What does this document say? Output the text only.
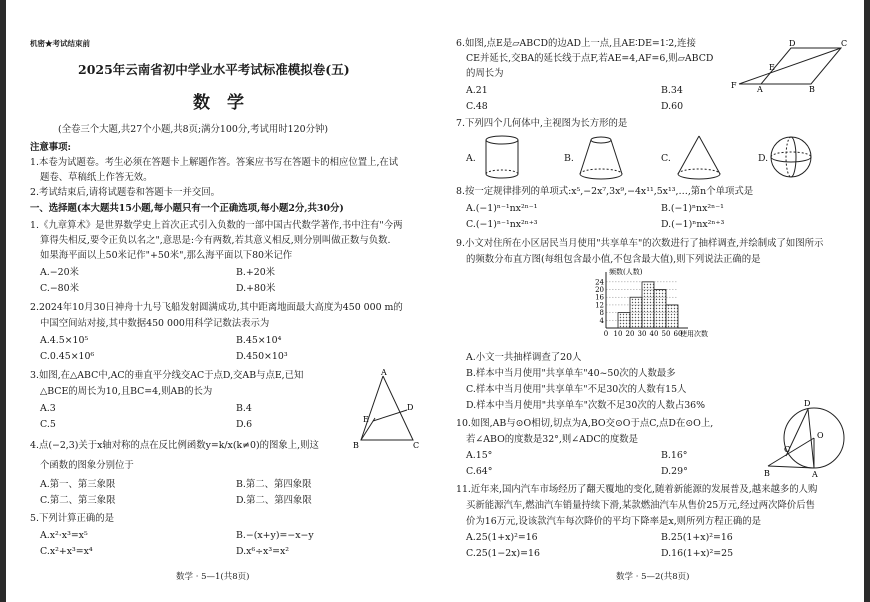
机密★考试结束前
2025年云南省初中学业水平考试标准模拟卷(五)
数　学
(全卷三个大题,共27个小题,共8页;满分100分,考试用时120分钟)
注意事项:
1.本卷为试题卷。考生必须在答题卡上解题作答。答案应书写在答题卡的相应位置上,在试
题卷、草稿纸上作答无效。
2.考试结束后,请将试题卷和答题卡一并交回。
一、选择题(本大题共15小题,每小题只有一个正确选项,每小题2分,共30分)
1.《九章算术》是世界数学史上首次正式引入负数的一部中国古代数学著作,书中注有"今两
算得失相反,要令正负以名之",意思是:今有两数,若其意义相反,则分别叫做正数与负数.
如果海平面以上50米记作"+50米",那么海平面以下80米记作
A.−20米	B.+20米
C.−80米	D.+80米
2.2024年10月30日神舟十九号飞船发射圆满成功,其中距离地面最大高度为450 000 m的
中国空间站对接,其中数据450 000用科学记数法表示为
A.4.5×10⁵	B.45×10⁴
C.0.45×10⁶	D.450×10³
3.如图,在△ABC中,AC的垂直平分线交AC于点D,交AB与点E,已知
△BCE的周长为10,且BC=4,则AB的长为
A.3	B.4
C.5	D.6
A
E
D
B	C
4.点(−2,3)关于x轴对称的点在反比例函数y=k/x(k≠0)的图象上,则这
个函数的图象分别位于
A.第一、第三象限	B.第二、第四象限
C.第二、第三象限	D.第二、第四象限
5.下列计算正确的是
A.x²·x³=x⁵	B.−(x+y)=−x−y
C.x²+x³=x⁴	D.x⁶÷x³=x²
数学 · 5—1(共8页)
6.如图,点E是▱ABCD的边AD上一点,且AE∶DE=1∶2,连接
CE并延长,交BA的延长线于点F,若AE=4,AF=6,则▱ABCD
的周长为
A.21	B.34
C.48	D.60
D	C
E
F	A	B
7.下列四个几何体中,主视图为长方形的是
A.	B.	C.	D.
8.按一定规律排列的单项式:x⁵,−2x⁷,3x⁹,−4x¹¹,5x¹³,…,第n个单项式是
A.(−1)ⁿ⁻¹nx²ⁿ⁻¹	B.(−1)ⁿnx²ⁿ⁻¹
C.(−1)ⁿ⁻¹nx²ⁿ⁺³	D.(−1)ⁿnx²ⁿ⁺³
9.小文对住所在小区居民当月使用"共享单车"的次数进行了抽样调查,并绘制成了如图所示
的频数分布直方图(每组包含最小值,不包含最大值),则下列说法正确的是
24
20
16
12
8
4
0 10 20 30 40 50 60
频数(人数)
使用次数
A.小文一共抽样调查了20人
B.样本中当月使用"共享单车"40~50次的人数最多
C.样本中当月使用"共享单车"不足30次的人数有15人
D.样本中当月使用"共享单车"次数不足30次的人数占36%
10.如图,AB与⊙O相切,切点为A,BO交⊙O于点C,点D在⊙O上,
若∠ABO的度数是32°,则∠ADC的度数是
A.15°	B.16°
C.64°	D.29°
D
O
C
B	A
11.近年来,国内汽车市场经历了翻天覆地的变化,随着新能源的发展普及,越来越多的人购
买新能源汽车,燃油汽车销量持续下滑,某款燃油汽车从售价25万元,经过两次降价后售
价为16万元,设该款汽车每次降价的平均下降率是x,则所列方程正确的是
A.25(1+x)²=16	B.25(1+x)²=16
C.25(1−2x)=16	D.16(1+x)²=25
数学 · 5—2(共8页)
